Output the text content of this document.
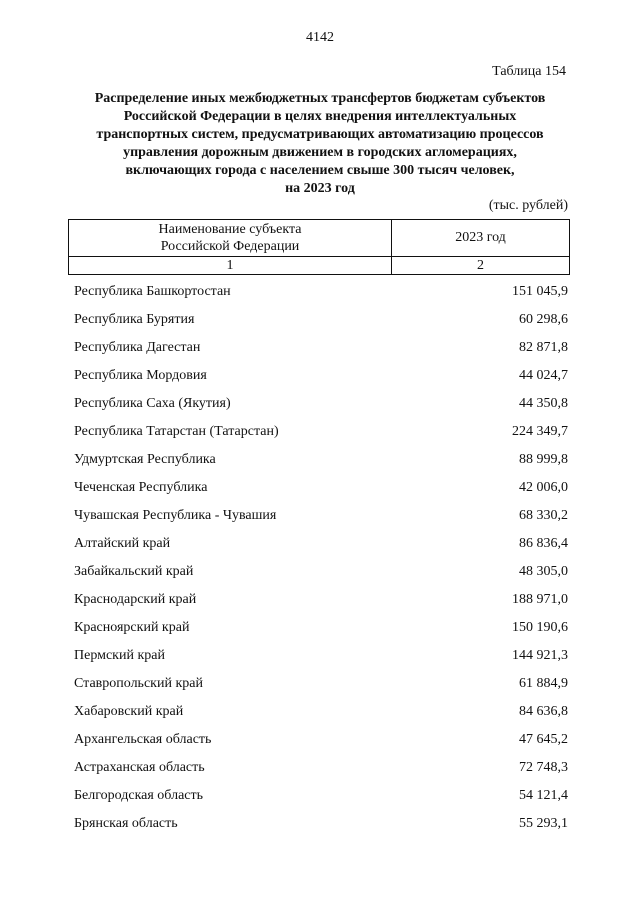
4142
Таблица 154
Распределение иных межбюджетных трансфертов бюджетам субъектов
Российской Федерации в целях внедрения интеллектуальных
транспортных систем, предусматривающих автоматизацию процессов
управления дорожным движением в городских агломерациях,
включающих города с населением свыше 300 тысяч человек,
на 2023 год
(тыс. рублей)
Наименование субъекта
Российской Федерации	2023 год
1	2
Республика Башкортостан	151 045,9
Республика Бурятия	60 298,6
Республика Дагестан	82 871,8
Республика Мордовия	44 024,7
Республика Саха (Якутия)	44 350,8
Республика Татарстан (Татарстан)	224 349,7
Удмуртская Республика	88 999,8
Чеченская Республика	42 006,0
Чувашская Республика - Чувашия	68 330,2
Алтайский край	86 836,4
Забайкальский край	48 305,0
Краснодарский край	188 971,0
Красноярский край	150 190,6
Пермский край	144 921,3
Ставропольский край	61 884,9
Хабаровский край	84 636,8
Архангельская область	47 645,2
Астраханская область	72 748,3
Белгородская область	54 121,4
Брянская область	55 293,1
